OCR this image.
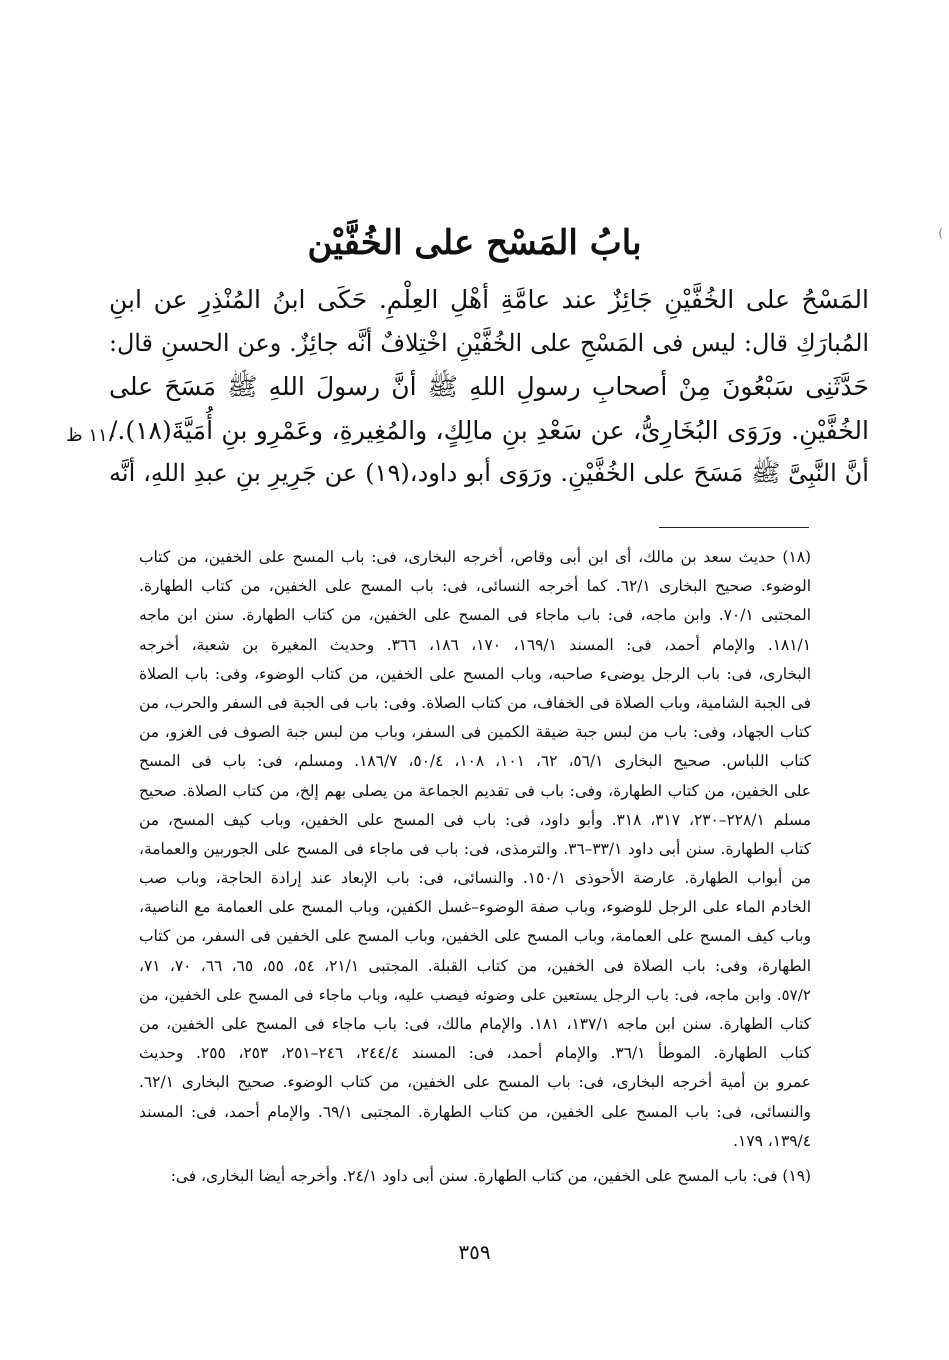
)
بابُ المَسْح على الخُفَّيْن
المَسْحُ على الخُفَّيْنِ جَائِزٌ عند عامَّةِ أهْلِ العِلْمِ. حَكَى ابنُ المُنْذِرِ عن ابنِ
المُبارَكِ قال: ليس فى المَسْحِ على الخُفَّيْنِ اخْتِلافٌ أنَّه جائِزٌ. وعن الحسنِ قال:
حَدَّثَنِى سَبْعُونَ مِنْ أصحابِ رسولِ اللهِ ﷺ أنَّ رسولَ اللهِ ﷺ مَسَحَ على
الخُفَّيْنِ. ورَوَى البُخَارِىُّ، عن سَعْدِ بنِ مالِكٍ، والمُغِيرةِ، وعَمْرِو بنِ أُمَيَّةَ(١٨)./
أنَّ النَّبِىَّ ﷺ مَسَحَ على الخُفَّيْنِ. ورَوَى أبو داود،(١٩) عن جَرِيرِ بنِ عبدِ اللهِ، أنَّه
١١٠ ظ
(١٨) حديث سعد بن مالك، أى ابن أبى وقاص، أخرجه البخارى، فى: باب المسح على الخفين، من كتاب
الوضوء. صحيح البخارى ٦٢/١. كما أخرجه النسائى، فى: باب المسح على الخفين، من كتاب الطهارة.
المجتبى ٧٠/١. وابن ماجه، فى: باب ماجاء فى المسح على الخفين، من كتاب الطهارة. سنن ابن ماجه
١٨١/١. والإمام أحمد، فى: المسند ١٦٩/١، ١٧٠، ١٨٦، ٣٦٦. وحديث المغيرة بن شعبة، أخرجه
البخارى، فى: باب الرجل يوضىء صاحبه، وباب المسح على الخفين، من كتاب الوضوء، وفى: باب الصلاة
فى الجبة الشامية، وباب الصلاة فى الخفاف، من كتاب الصلاة. وفى: باب فى الجبة فى السفر والحرب، من
كتاب الجهاد، وفى: باب من لبس جبة ضيقة الكمين فى السفر، وباب من لبس جبة الصوف فى الغزو، من
كتاب اللباس. صحيح البخارى ٥٦/١، ٦٢، ١٠١، ١٠٨، ٥٠/٤، ١٨٦/٧. ومسلم، فى: باب فى المسح
على الخفين، من كتاب الطهارة، وفى: باب فى تقديم الجماعة من يصلى بهم إلخ، من كتاب الصلاة. صحيح
مسلم ٢٢٨/١–٢٣٠، ٣١٧، ٣١٨. وأبو داود، فى: باب فى المسح على الخفين، وباب كيف المسح، من
كتاب الطهارة. سنن أبى داود ٣٣/١–٣٦. والترمذى، فى: باب فى ماجاء فى المسح على الجوربين والعمامة،
من أبواب الطهارة. عارضة الأحوذى ١٥٠/١. والنسائى، فى: باب الإبعاد عند إرادة الحاجة، وباب صب
الخادم الماء على الرجل للوضوء، وباب صفة الوضوء–غسل الكفين، وباب المسح على العمامة مع الناصية،
وباب كيف المسح على العمامة، وباب المسح على الخفين، وباب المسح على الخفين فى السفر، من كتاب
الطهارة، وفى: باب الصلاة فى الخفين، من كتاب القبلة. المجتبى ٢١/١، ٥٤، ٥٥، ٦٥، ٦٦، ٧٠، ٧١،
٥٧/٢. وابن ماجه، فى: باب الرجل يستعين على وضوئه فيصب عليه، وباب ماجاء فى المسح على الخفين، من
كتاب الطهارة. سنن ابن ماجه ١٣٧/١، ١٨١. والإمام مالك، فى: باب ماجاء فى المسح على الخفين، من
كتاب الطهارة. الموطأ ٣٦/١. والإمام أحمد، فى: المسند ٢٤٤/٤، ٢٤٦–٢٥١، ٢٥٣، ٢٥٥. وحديث
عمرو بن أمية أخرجه البخارى، فى: باب المسح على الخفين، من كتاب الوضوء. صحيح البخارى ٦٢/١.
والنسائى، فى: باب المسح على الخفين، من كتاب الطهارة. المجتبى ٦٩/١. والإمام أحمد، فى: المسند
١٣٩/٤، ١٧٩.
(١٩) فى: باب المسح على الخفين، من كتاب الطهارة. سنن أبى داود ٢٤/١. وأخرجه أيضا البخارى، فى:
٣٥٩
